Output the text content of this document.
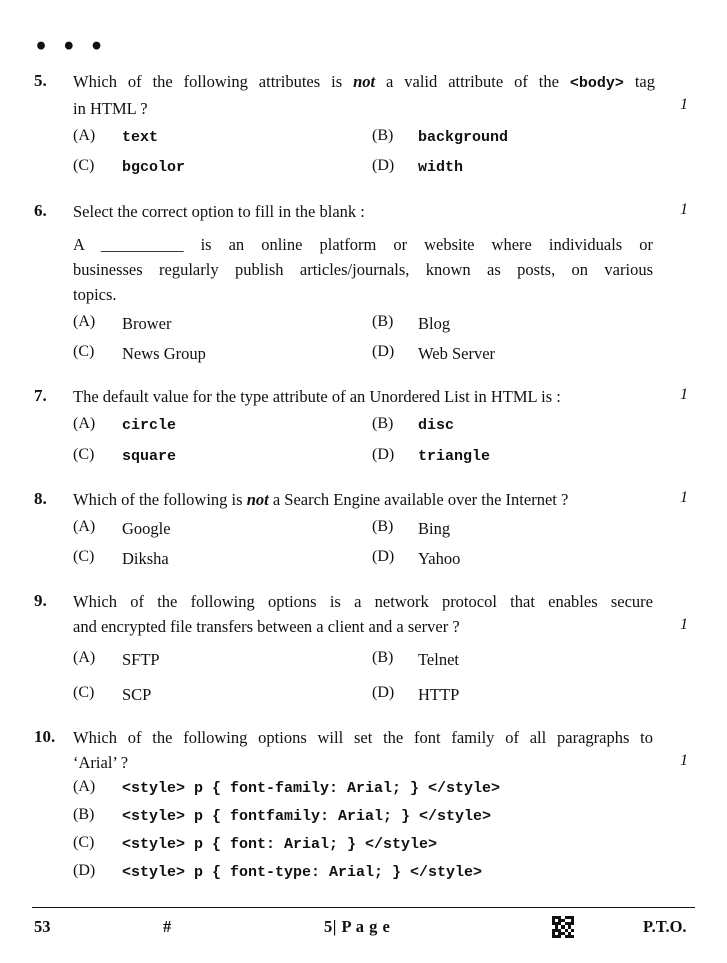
• • •
5. Which of the following attributes is not a valid attribute of the <body> tag
in HTML ?	1
(A) text	(B) background
(C) bgcolor	(D) width
6. Select the correct option to fill in the blank :	1
A __________ is an online platform or website where individuals or
businesses regularly publish articles/journals, known as posts, on various
topics.
(A) Brower	(B) Blog
(C) News Group	(D) Web Server
7. The default value for the type attribute of an Unordered List in HTML is :	1
(A) circle	(B) disc
(C) square	(D) triangle
8. Which of the following is not a Search Engine available over the Internet ?	1
(A) Google	(B) Bing
(C) Diksha	(D) Yahoo
9. Which of the following options is a network protocol that enables secure
and encrypted file transfers between a client and a server ?	1
(A) SFTP	(B) Telnet
(C) SCP	(D) HTTP
10. Which of the following options will set the font family of all paragraphs to
‘Arial’ ?	1
(A) <style> p { font-family: Arial; } </style>
(B) <style> p { fontfamily: Arial; } </style>
(C) <style> p { font: Arial; } </style>
(D) <style> p { font-type: Arial; } </style>
53	#	5| P a g e	P.T.O.
